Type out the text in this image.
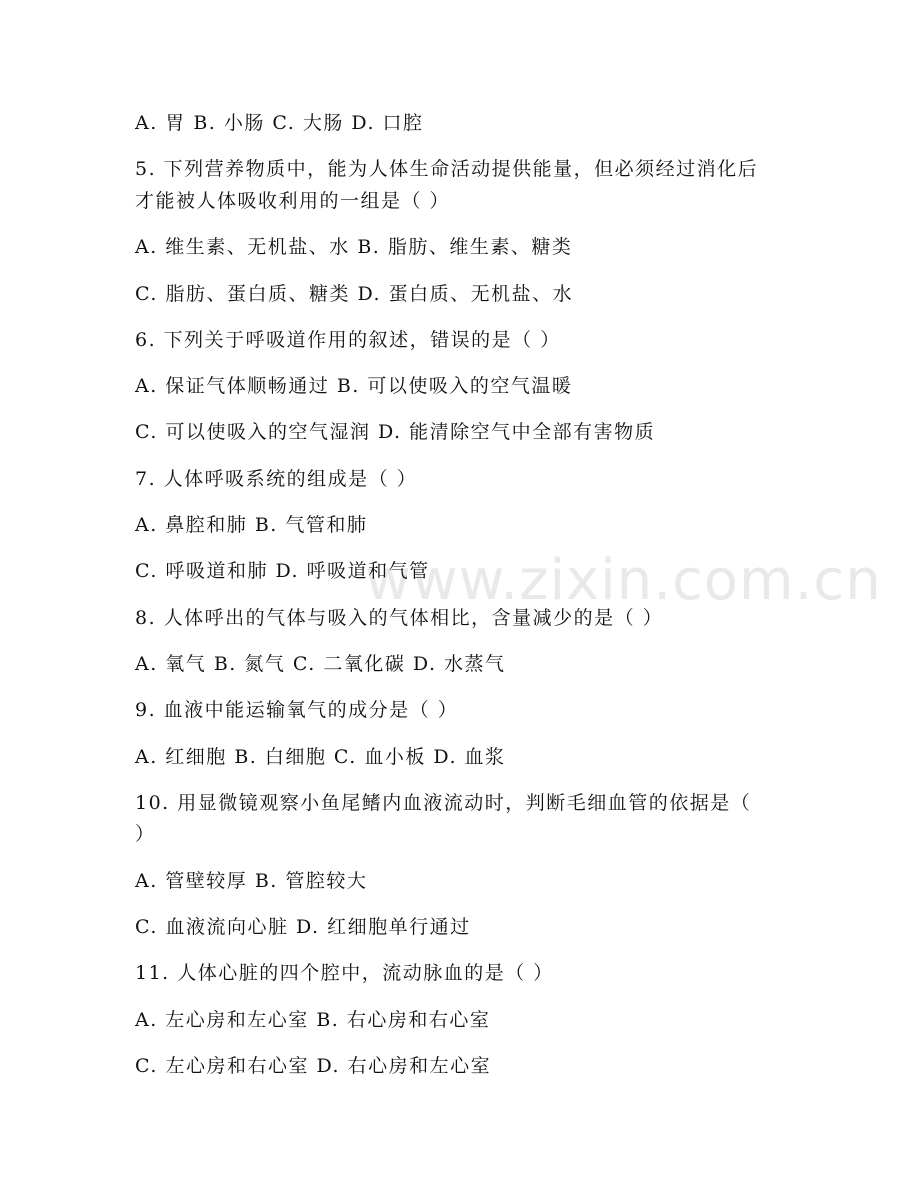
www.zixin.com.cn

A. 胃 B. 小肠 C. 大肠 D. 口腔

5. 下列营养物质中，能为人体生命活动提供能量，但必须经过消化后

才能被人体吸收利用的一组是（ ）

A. 维生素、无机盐、水 B. 脂肪、维生素、糖类

C. 脂肪、蛋白质、糖类 D. 蛋白质、无机盐、水

6. 下列关于呼吸道作用的叙述，错误的是（ ）

A. 保证气体顺畅通过 B. 可以使吸入的空气温暖

C. 可以使吸入的空气湿润 D. 能清除空气中全部有害物质

7. 人体呼吸系统的组成是（ ）

A. 鼻腔和肺 B. 气管和肺

C. 呼吸道和肺 D. 呼吸道和气管

8. 人体呼出的气体与吸入的气体相比，含量减少的是（ ）

A. 氧气 B. 氮气 C. 二氧化碳 D. 水蒸气

9. 血液中能运输氧气的成分是（ ）

A. 红细胞 B. 白细胞 C. 血小板 D. 血浆

10. 用显微镜观察小鱼尾鳍内血液流动时，判断毛细血管的依据是（

）

A. 管壁较厚 B. 管腔较大

C. 血液流向心脏 D. 红细胞单行通过

11. 人体心脏的四个腔中，流动脉血的是（ ）

A. 左心房和左心室 B. 右心房和右心室

C. 左心房和右心室 D. 右心房和左心室
